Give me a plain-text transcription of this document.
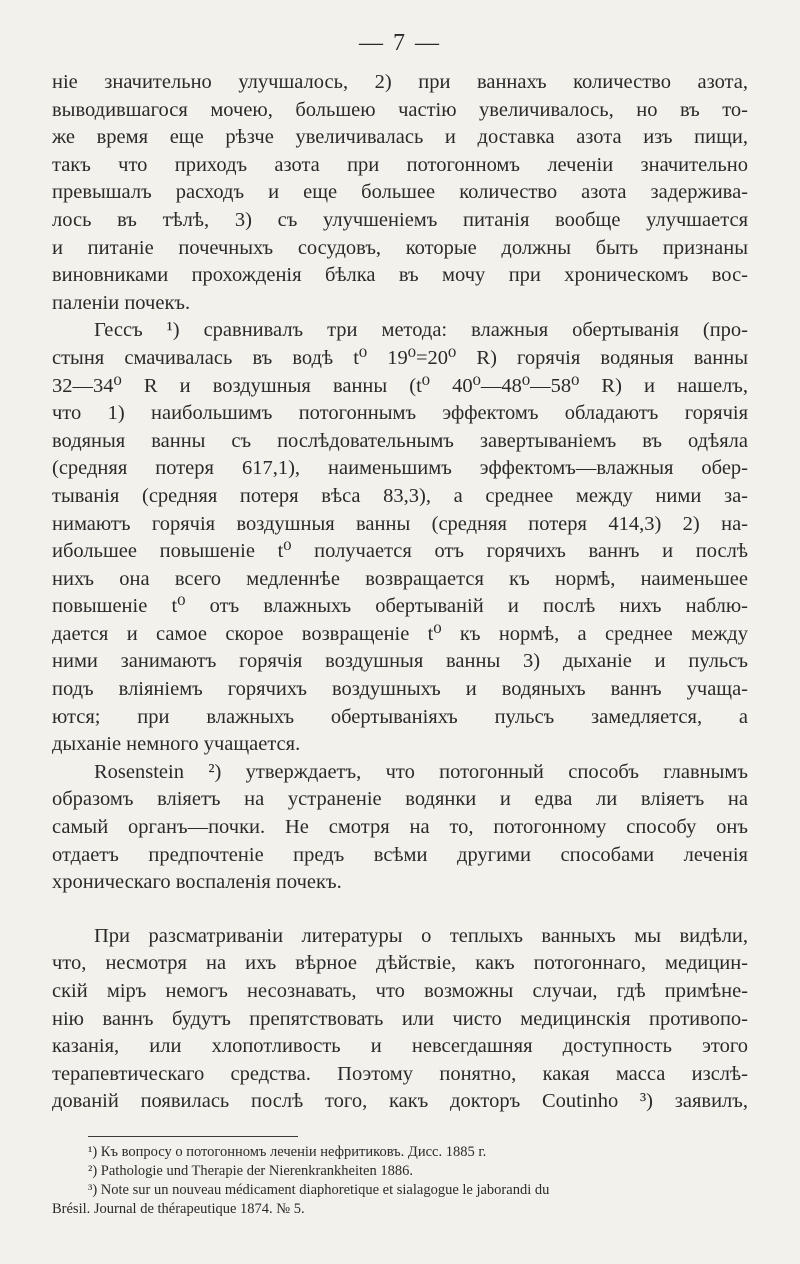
— 7 —
ніе значительно улучшалось, 2) при ваннахъ количество азота,
выводившагося мочею, большею частію увеличивалось, но въ то-
же время еще рѣзче увеличивалась и доставка азота изъ пищи,
такъ что приходъ азота при потогонномъ леченіи значительно
превышалъ расходъ и еще большее количество азота задержива-
лось въ тѣлѣ, 3) съ улучшеніемъ питанія вообще улучшается
и питаніе почечныхъ сосудовъ, которые должны быть признаны
виновниками прохожденія бѣлка въ мочу при хроническомъ вос-
паленіи почекъ.
Гессъ ¹) сравнивалъ три метода: влажныя обертыванія (про-
стыня смачивалась въ водѣ t⁰ 19⁰=20⁰ R) горячія водяныя ванны
32—34⁰ R и воздушныя ванны (t⁰ 40⁰—48⁰—58⁰ R) и нашелъ,
что 1) наибольшимъ потогоннымъ эффектомъ обладаютъ горячія
водяныя ванны съ послѣдовательнымъ завертываніемъ въ одѣяла
(средняя потеря 617,1), наименьшимъ эффектомъ—влажныя обер-
тыванія (средняя потеря вѣса 83,3), а среднее между ними за-
нимаютъ горячія воздушныя ванны (средняя потеря 414,3) 2) на-
ибольшее повышеніе t⁰ получается отъ горячихъ ваннъ и послѣ
нихъ она всего медленнѣе возвращается къ нормѣ, наименьшее
повышеніе t⁰ отъ влажныхъ обертываній и послѣ нихъ наблю-
дается и самое скорое возвращеніе t⁰ къ нормѣ, а среднее между
ними занимаютъ горячія воздушныя ванны 3) дыханіе и пульсъ
подъ вліяніемъ горячихъ воздушныхъ и водяныхъ ваннъ учаща-
ются; при влажныхъ обертываніяхъ пульсъ замедляется, а
дыханіе немного учащается.
Rosenstein ²) утверждаетъ, что потогонный способъ главнымъ
образомъ вліяетъ на устраненіе водянки и едва ли вліяетъ на
самый органъ—почки. Не смотря на то, потогонному способу онъ
отдаетъ предпочтеніе предъ всѣми другими способами леченія
хроническаго воспаленія почекъ.
При разсматриваніи литературы о теплыхъ ванныхъ мы видѣли,
что, несмотря на ихъ вѣрное дѣйствіе, какъ потогоннаго, медицин-
скій міръ немогъ несознавать, что возможны случаи, гдѣ примѣне-
нію ваннъ будутъ препятствовать или чисто медицинскія противопо-
казанія, или хлопотливость и невсегдашняя доступность этого
терапевтическаго средства. Поэтому понятно, какая масса изслѣ-
дованій появилась послѣ того, какъ докторъ Coutinho ³) заявилъ,
¹) Къ вопросу о потогонномъ леченіи нефритиковъ. Дисс. 1885 г.
²) Pathologie und Therapie der Nierenkrankheiten 1886.
³) Note sur un nouveau médicament diaphoretique et sialagogue le jaborandi du
Brésil. Journal de thérapeutique 1874. № 5.
